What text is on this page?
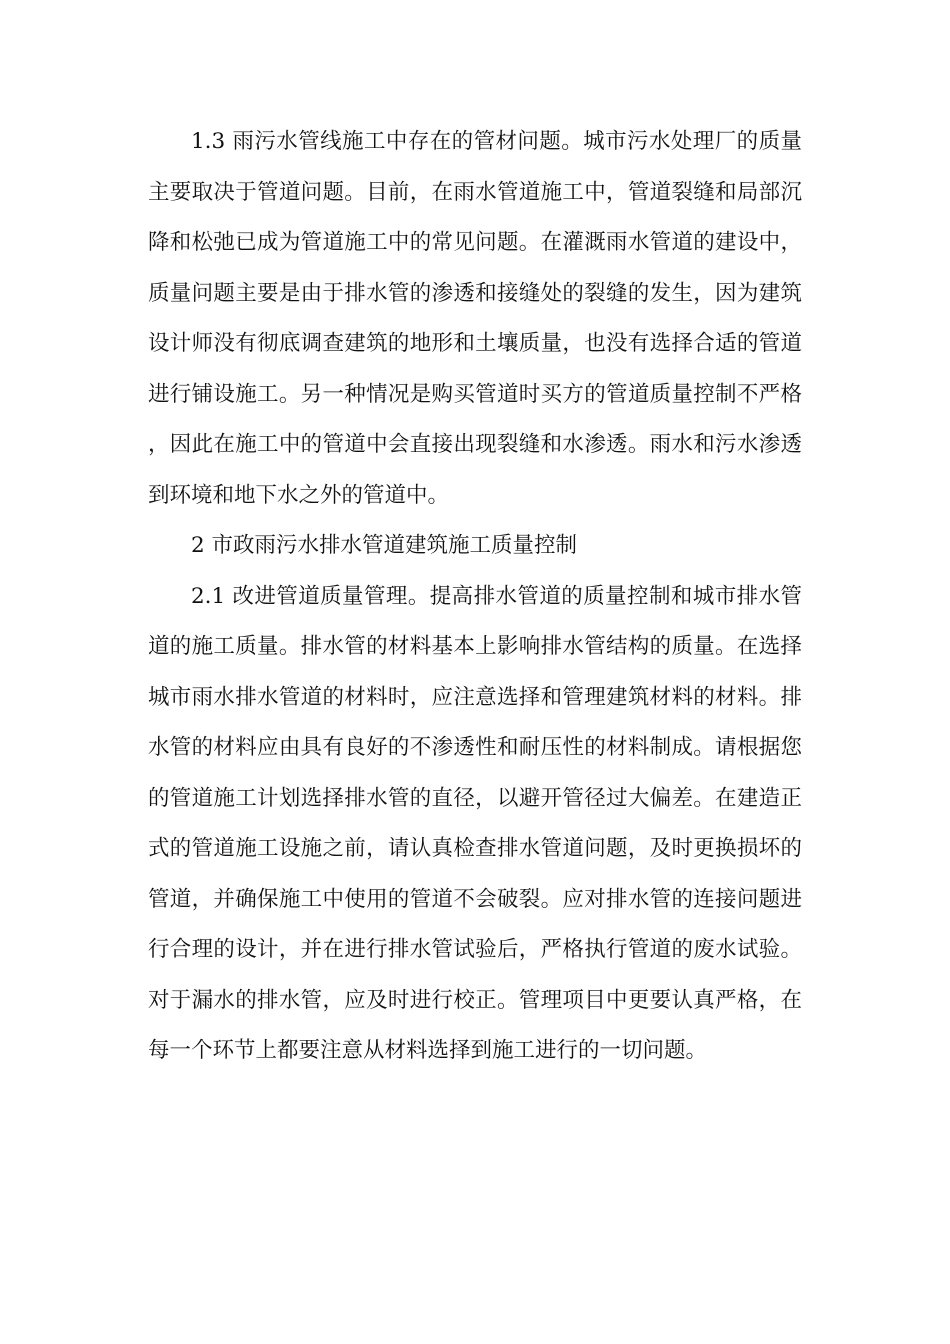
1.3 雨污水管线施工中存在的管材问题。城市污水处理厂的质量主要取决于管道问题。目前，在雨水管道施工中，管道裂缝和局部沉降和松弛已成为管道施工中的常见问题。在灌溉雨水管道的建设中，质量问题主要是由于排水管的渗透和接缝处的裂缝的发生，因为建筑设计师没有彻底调查建筑的地形和土壤质量，也没有选择合适的管道进行铺设施工。另一种情况是购买管道时买方的管道质量控制不严格，因此在施工中的管道中会直接出现裂缝和水渗透。雨水和污水渗透到环境和地下水之外的管道中。

2 市政雨污水排水管道建筑施工质量控制

2.1 改进管道质量管理。提高排水管道的质量控制和城市排水管道的施工质量。排水管的材料基本上影响排水管结构的质量。在选择城市雨水排水管道的材料时，应注意选择和管理建筑材料的材料。排水管的材料应由具有良好的不渗透性和耐压性的材料制成。请根据您的管道施工计划选择排水管的直径，以避开管径过大偏差。在建造正式的管道施工设施之前，请认真检查排水管道问题，及时更换损坏的管道，并确保施工中使用的管道不会破裂。应对排水管的连接问题进行合理的设计，并在进行排水管试验后，严格执行管道的废水试验。对于漏水的排水管，应及时进行校正。管理项目中更要认真严格，在每一个环节上都要注意从材料选择到施工进行的一切问题。
